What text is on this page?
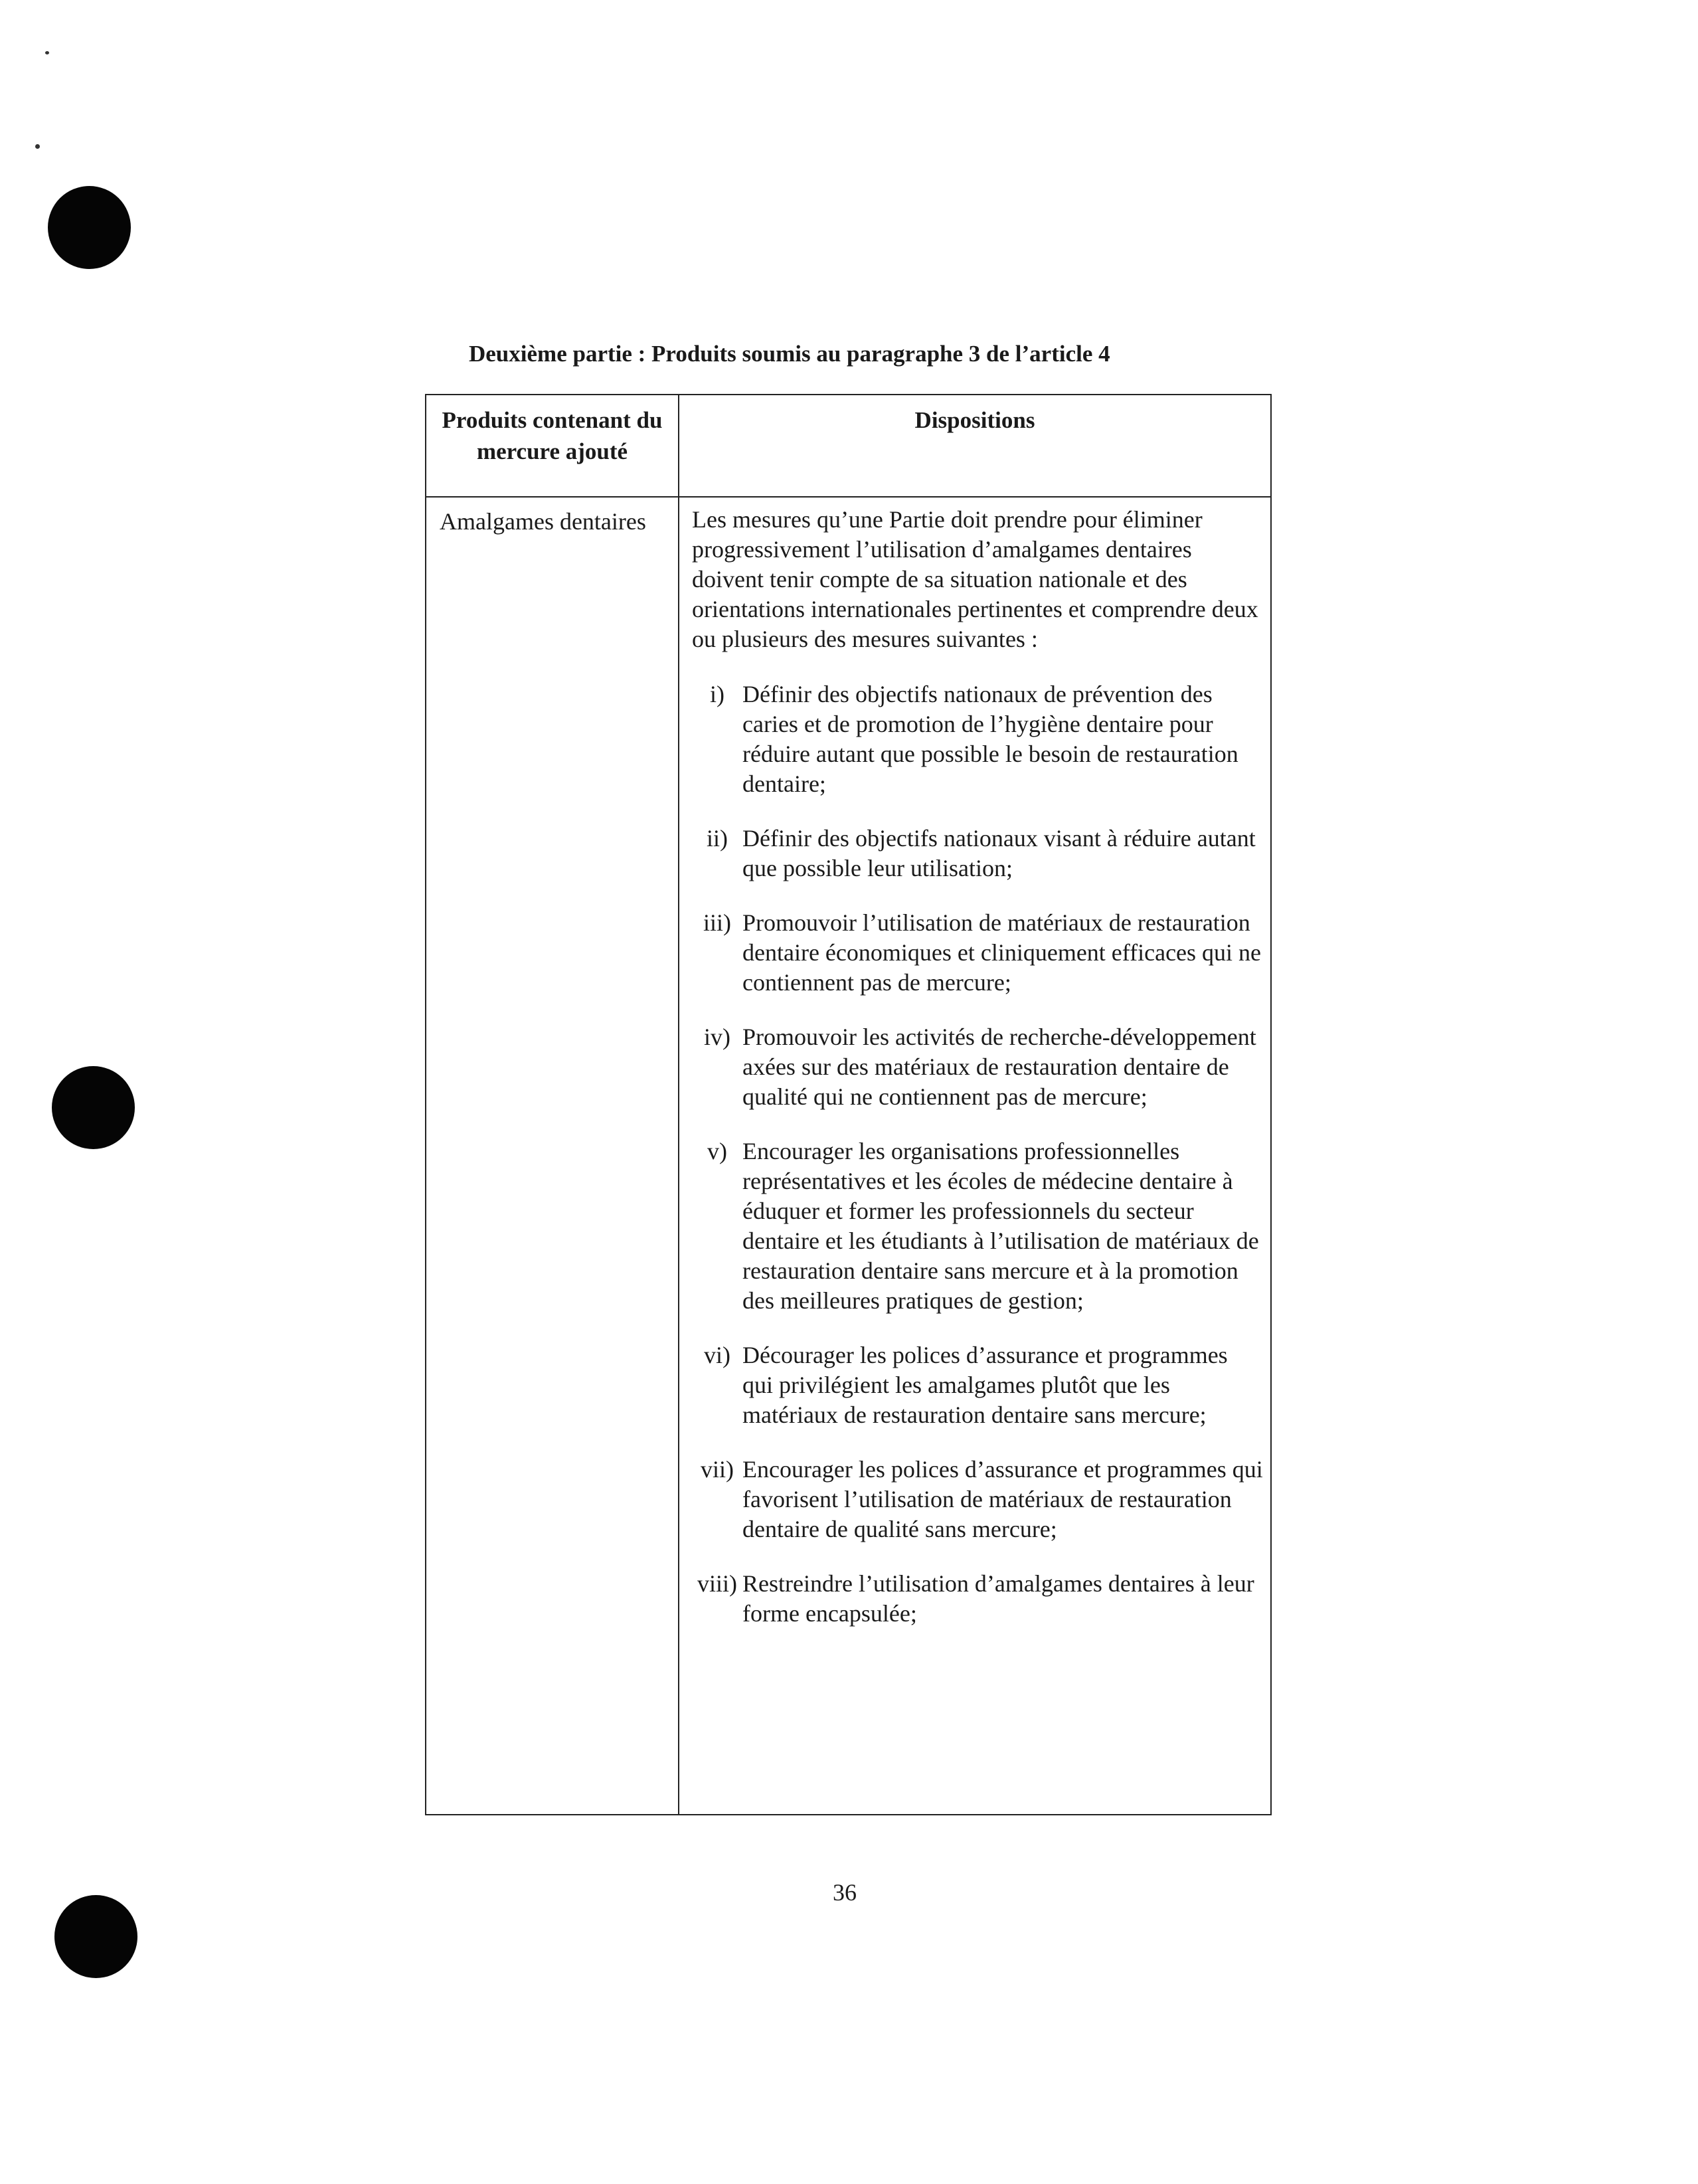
Deuxième partie : Produits soumis au paragraphe 3 de l’article 4
Produits contenant du mercure ajouté
Dispositions
Amalgames dentaires	Les mesures qu’une Partie doit prendre pour éliminer progressivement l’utilisation d’amalgames dentaires doivent tenir compte de sa situation nationale et des orientations internationales pertinentes et comprendre deux ou plusieurs des mesures suivantes :

i) Définir des objectifs nationaux de prévention des caries et de promotion de l’hygiène dentaire pour réduire autant que possible le besoin de restauration dentaire;
ii) Définir des objectifs nationaux visant à réduire autant que possible leur utilisation;
iii) Promouvoir l’utilisation de matériaux de restauration dentaire économiques et cliniquement efficaces qui ne contiennent pas de mercure;
iv) Promouvoir les activités de recherche-développement axées sur des matériaux de restauration dentaire de qualité qui ne contiennent pas de mercure;
v) Encourager les organisations professionnelles représentatives et les écoles de médecine dentaire à éduquer et former les professionnels du secteur dentaire et les étudiants à l’utilisation de matériaux de restauration dentaire sans mercure et à la promotion des meilleures pratiques de gestion;
vi) Décourager les polices d’assurance et programmes qui privilégient les amalgames plutôt que les matériaux de restauration dentaire sans mercure;
vii) Encourager les polices d’assurance et programmes qui favorisent l’utilisation de matériaux de restauration dentaire de qualité sans mercure;
viii) Restreindre l’utilisation d’amalgames dentaires à leur forme encapsulée;
36
